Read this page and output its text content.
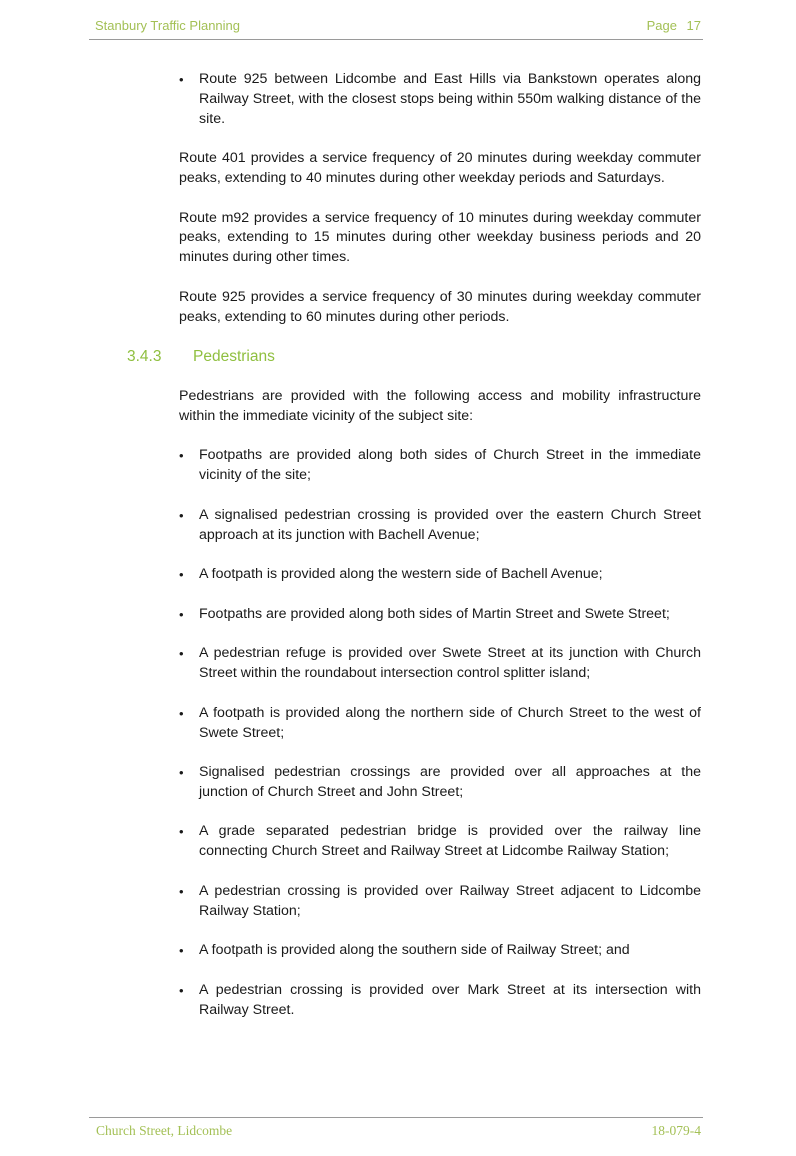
Stanbury Traffic Planning	Page 17
•	Route 925 between Lidcombe and East Hills via Bankstown operates along Railway Street, with the closest stops being within 550m walking distance of the site.

Route 401 provides a service frequency of 20 minutes during weekday commuter peaks, extending to 40 minutes during other weekday periods and Saturdays.

Route m92 provides a service frequency of 10 minutes during weekday commuter peaks, extending to 15 minutes during other weekday business periods and 20 minutes during other times.

Route 925 provides a service frequency of 30 minutes during weekday commuter peaks, extending to 60 minutes during other periods.

3.4.3 Pedestrians

Pedestrians are provided with the following access and mobility infrastructure within the immediate vicinity of the subject site:

•	Footpaths are provided along both sides of Church Street in the immediate vicinity of the site;
•	A signalised pedestrian crossing is provided over the eastern Church Street approach at its junction with Bachell Avenue;
•	A footpath is provided along the western side of Bachell Avenue;
•	Footpaths are provided along both sides of Martin Street and Swete Street;
•	A pedestrian refuge is provided over Swete Street at its junction with Church Street within the roundabout intersection control splitter island;
•	A footpath is provided along the northern side of Church Street to the west of Swete Street;
•	Signalised pedestrian crossings are provided over all approaches at the junction of Church Street and John Street;
•	A grade separated pedestrian bridge is provided over the railway line connecting Church Street and Railway Street at Lidcombe Railway Station;
•	A pedestrian crossing is provided over Railway Street adjacent to Lidcombe Railway Station;
•	A footpath is provided along the southern side of Railway Street; and
•	A pedestrian crossing is provided over Mark Street at its intersection with Railway Street.
Church Street, Lidcombe	18-079-4
